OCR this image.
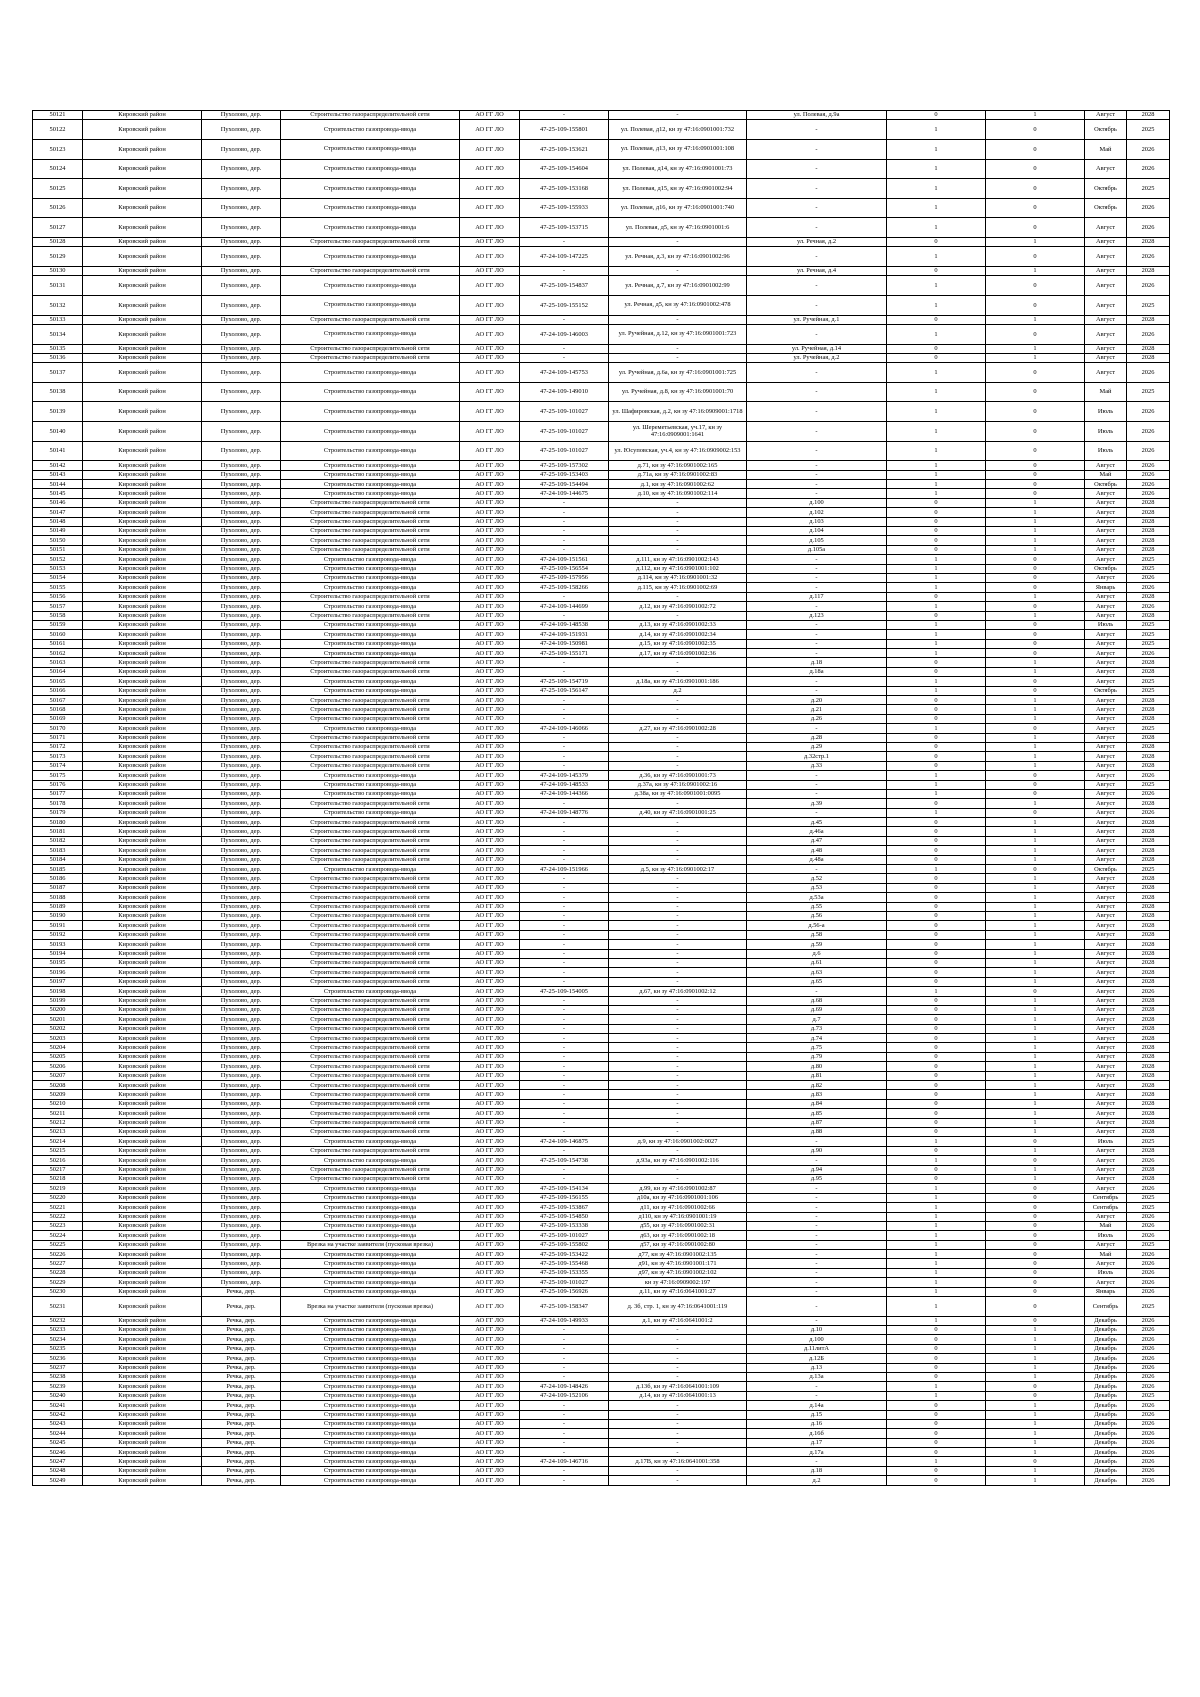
50121	Кировский район	Пухолово, дер.	Строительство газораспределительной сети	АО ГГ ЛО	-	-	ул. Полевая, д.9а	0	1	Август	2028
50122	Кировский район	Пухолово, дер.	Строительство газопровода-ввода	АО ГГ ЛО	47-25-109-155801	ул. Полевая, д12, кн зу 47:16:0901001:732	-	1	0	Октябрь	2025
50123	Кировский район	Пухолово, дер.	Строительство газопровода-ввода	АО ГГ ЛО	47-25-109-153621	ул. Полевая, д13, кн зу 47:16:0901001:108	-	1	0	Май	2026
50124	Кировский район	Пухолово, дер.	Строительство газопровода-ввода	АО ГГ ЛО	47-25-109-154604	ул. Полевая, д14, кн зу 47:16:0901001:73	-	1	0	Август	2026
50125	Кировский район	Пухолово, дер.	Строительство газопровода-ввода	АО ГГ ЛО	47-25-109-153168	ул. Полевая, д15, кн зу 47:16:0901002:94	-	1	0	Октябрь	2025
50126	Кировский район	Пухолово, дер.	Строительство газопровода-ввода	АО ГГ ЛО	47-25-109-155933	ул. Полевая, д16, кн зу 47:16:0901001:740	-	1	0	Октябрь	2026
50127	Кировский район	Пухолово, дер.	Строительство газопровода-ввода	АО ГГ ЛО	47-25-109-153715	ул. Полевая, д5, кн зу 47:16:0901001:6	-	1	0	Август	2026
50128	Кировский район	Пухолово, дер.	Строительство газораспределительной сети	АО ГГ ЛО	-	-	ул. Речная, д.2	0	1	Август	2028
50129	Кировский район	Пухолово, дер.	Строительство газопровода-ввода	АО ГГ ЛО	47-24-109-147225	ул. Речная, д.3, кн зу 47:16:0901002:96	-	1	0	Август	2026
50130	Кировский район	Пухолово, дер.	Строительство газораспределительной сети	АО ГГ ЛО	-	-	ул. Речная, д.4	0	1	Август	2028
50131	Кировский район	Пухолово, дер.	Строительство газопровода-ввода	АО ГГ ЛО	47-25-109-154837	ул. Речная, д.7, кн зу 47:16:0901002:99	-	1	0	Август	2026
50132	Кировский район	Пухолово, дер.	Строительство газопровода-ввода	АО ГГ ЛО	47-25-109-155152	ул. Речная, д5, кн зу 47:16:0901002:478	-	1	0	Август	2025
50133	Кировский район	Пухолово, дер.	Строительство газораспределительной сети	АО ГГ ЛО	-	-	ул. Ручейная, д.1	0	1	Август	2028
50134	Кировский район	Пухолово, дер.	Строительство газопровода-ввода	АО ГГ ЛО	47-24-109-146003	ул. Ручейная, д.12, кн зу 47:16:0901001:723	-	1	0	Август	2026
50135	Кировский район	Пухолово, дер.	Строительство газораспределительной сети	АО ГГ ЛО	-	-	ул. Ручейная, д.14	0	1	Август	2028
50136	Кировский район	Пухолово, дер.	Строительство газораспределительной сети	АО ГГ ЛО	-	-	ул. Ручейная, д.2	0	1	Август	2028
50137	Кировский район	Пухолово, дер.	Строительство газопровода-ввода	АО ГГ ЛО	47-24-109-145753	ул. Ручейная, д.6а, кн зу 47:16:0901001:725	-	1	0	Август	2026
50138	Кировский район	Пухолово, дер.	Строительство газопровода-ввода	АО ГГ ЛО	47-24-109-149010	ул. Ручейная, д.8, кн зу 47:16:0901001:70	-	1	0	Май	2025
50139	Кировский район	Пухолово, дер.	Строительство газопровода-ввода	АО ГГ ЛО	47-25-109-101027	ул. Шафировская, д.2, кн зу 47:16:0909001:1718	-	1	0	Июль	2026
50140	Кировский район	Пухолово, дер.	Строительство газопровода-ввода	АО ГГ ЛО	47-25-109-101027	ул. Шереметьевская, уч.17, кн зу 47:16:0909001:1641	-	1	0	Июль	2026
50141	Кировский район	Пухолово, дер.	Строительство газопровода-ввода	АО ГГ ЛО	47-25-109-101027	ул. Юсуповская, уч.4, кн зу 47:16:0909002:153	-	1	0	Июль	2026
50142	Кировский район	Пухолово, дер.	Строительство газопровода-ввода	АО ГГ ЛО	47-25-109-157302	д.71, кн зу 47:16:0901002:165	-	1	0	Август	2026
50143	Кировский район	Пухолово, дер.	Строительство газопровода-ввода	АО ГГ ЛО	47-25-109-153403	д.71а, кн зу 47:16:0901002:83	-	1	0	Май	2026
50144	Кировский район	Пухолово, дер.	Строительство газопровода-ввода	АО ГГ ЛО	47-25-109-154494	д.1, кн зу 47:16:0901002:62	-	1	0	Октябрь	2026
50145	Кировский район	Пухолово, дер.	Строительство газопровода-ввода	АО ГГ ЛО	47-24-109-144675	д.10, кн зу 47:16:0901002:114	-	1	0	Август	2026
50146	Кировский район	Пухолово, дер.	Строительство газораспределительной сети	АО ГГ ЛО	-	-	д.100	0	1	Август	2028
50147	Кировский район	Пухолово, дер.	Строительство газораспределительной сети	АО ГГ ЛО	-	-	д.102	0	1	Август	2028
50148	Кировский район	Пухолово, дер.	Строительство газораспределительной сети	АО ГГ ЛО	-	-	д.103	0	1	Август	2028
50149	Кировский район	Пухолово, дер.	Строительство газораспределительной сети	АО ГГ ЛО	-	-	д.104	0	1	Август	2028
50150	Кировский район	Пухолово, дер.	Строительство газораспределительной сети	АО ГГ ЛО	-	-	д.105	0	1	Август	2028
50151	Кировский район	Пухолово, дер.	Строительство газораспределительной сети	АО ГГ ЛО	-	-	д.105а	0	1	Август	2028
50152	Кировский район	Пухолово, дер.	Строительство газопровода-ввода	АО ГГ ЛО	47-24-109-151561	д.111, кн зу 47:16:0901002:143	-	1	0	Август	2025
50153	Кировский район	Пухолово, дер.	Строительство газопровода-ввода	АО ГГ ЛО	47-25-109-156554	д.112, кн зу 47:16:0901001:102	-	1	0	Октябрь	2025
50154	Кировский район	Пухолово, дер.	Строительство газопровода-ввода	АО ГГ ЛО	47-25-109-157956	д.114, кн зу 47:16:0901001:32	-	1	0	Август	2026
50155	Кировский район	Пухолово, дер.	Строительство газопровода-ввода	АО ГГ ЛО	47-25-109-158266	д.115, кн зу 47:16:0901002:69	-	1	0	Январь	2026
50156	Кировский район	Пухолово, дер.	Строительство газораспределительной сети	АО ГГ ЛО	-	-	д.117	0	1	Август	2028
50157	Кировский район	Пухолово, дер.	Строительство газопровода-ввода	АО ГГ ЛО	47-24-109-144699	д.12, кн зу 47:16:0901002:72	-	1	0	Август	2026
50158	Кировский район	Пухолово, дер.	Строительство газораспределительной сети	АО ГГ ЛО	-	-	д.123	0	1	Август	2028
50159	Кировский район	Пухолово, дер.	Строительство газопровода-ввода	АО ГГ ЛО	47-24-109-148538	д.13, кн зу 47:16:0901002:33	-	1	0	Июль	2025
50160	Кировский район	Пухолово, дер.	Строительство газопровода-ввода	АО ГГ ЛО	47-24-109-151931	д.14, кн зу 47:16:0901002:34	-	1	0	Август	2025
50161	Кировский район	Пухолово, дер.	Строительство газопровода-ввода	АО ГГ ЛО	47-24-109-150981	д.15, кн зу 47:16:0901002:35	-	1	0	Август	2025
50162	Кировский район	Пухолово, дер.	Строительство газопровода-ввода	АО ГГ ЛО	47-25-109-155171	д.17, кн зу 47:16:0901002:36	-	1	0	Август	2026
50163	Кировский район	Пухолово, дер.	Строительство газораспределительной сети	АО ГГ ЛО	-	-	д.18	0	1	Август	2028
50164	Кировский район	Пухолово, дер.	Строительство газораспределительной сети	АО ГГ ЛО	-	-	д.18а	0	1	Август	2028
50165	Кировский район	Пухолово, дер.	Строительство газопровода-ввода	АО ГГ ЛО	47-25-109-154719	д.18а, кн зу 47:16:0901001:186	-	1	0	Август	2025
50166	Кировский район	Пухолово, дер.	Строительство газопровода-ввода	АО ГГ ЛО	47-25-109-156147	д.2	-	1	0	Октябрь	2025
50167	Кировский район	Пухолово, дер.	Строительство газораспределительной сети	АО ГГ ЛО	-	-	д.20	0	1	Август	2028
50168	Кировский район	Пухолово, дер.	Строительство газораспределительной сети	АО ГГ ЛО	-	-	д.21	0	1	Август	2028
50169	Кировский район	Пухолово, дер.	Строительство газораспределительной сети	АО ГГ ЛО	-	-	д.26	0	1	Август	2028
50170	Кировский район	Пухолово, дер.	Строительство газопровода-ввода	АО ГГ ЛО	47-24-109-146066	д.27, кн зу 47:16:0901002:28	-	1	0	Август	2025
50171	Кировский район	Пухолово, дер.	Строительство газораспределительной сети	АО ГГ ЛО	-	-	д.28	0	1	Август	2028
50172	Кировский район	Пухолово, дер.	Строительство газораспределительной сети	АО ГГ ЛО	-	-	д.29	0	1	Август	2028
50173	Кировский район	Пухолово, дер.	Строительство газораспределительной сети	АО ГГ ЛО	-	-	д.32стр.1	0	1	Август	2028
50174	Кировский район	Пухолово, дер.	Строительство газораспределительной сети	АО ГГ ЛО	-	-	д.33	0	1	Август	2028
50175	Кировский район	Пухолово, дер.	Строительство газопровода-ввода	АО ГГ ЛО	47-24-109-145379	д.36, кн зу 47:16:0901001:73	-	1	0	Август	2026
50176	Кировский район	Пухолово, дер.	Строительство газопровода-ввода	АО ГГ ЛО	47-24-109-148533	д.37а, кн зу 47:16:0901002:16	-	1	0	Август	2025
50177	Кировский район	Пухолово, дер.	Строительство газопровода-ввода	АО ГГ ЛО	47-24-109-144366	д.38а, кн зу 47:16:0901001:0095	-	1	0	Август	2026
50178	Кировский район	Пухолово, дер.	Строительство газораспределительной сети	АО ГГ ЛО	-	-	д.39	0	1	Август	2028
50179	Кировский район	Пухолово, дер.	Строительство газопровода-ввода	АО ГГ ЛО	47-24-109-148776	д.40, кн зу 47:16:0901001:25	-	1	0	Август	2026
50180	Кировский район	Пухолово, дер.	Строительство газораспределительной сети	АО ГГ ЛО	-	-	д.45	0	1	Август	2028
50181	Кировский район	Пухолово, дер.	Строительство газораспределительной сети	АО ГГ ЛО	-	-	д.46а	0	1	Август	2028
50182	Кировский район	Пухолово, дер.	Строительство газораспределительной сети	АО ГГ ЛО	-	-	д.47	0	1	Август	2028
50183	Кировский район	Пухолово, дер.	Строительство газораспределительной сети	АО ГГ ЛО	-	-	д.48	0	1	Август	2028
50184	Кировский район	Пухолово, дер.	Строительство газораспределительной сети	АО ГГ ЛО	-	-	д.48а	0	1	Август	2028
50185	Кировский район	Пухолово, дер.	Строительство газопровода-ввода	АО ГГ ЛО	47-24-109-151966	д.5, кн зу 47:16:0901002:17	-	1	0	Октябрь	2025
50186	Кировский район	Пухолово, дер.	Строительство газораспределительной сети	АО ГГ ЛО	-	-	д.52	0	1	Август	2028
50187	Кировский район	Пухолово, дер.	Строительство газораспределительной сети	АО ГГ ЛО	-	-	д.53	0	1	Август	2028
50188	Кировский район	Пухолово, дер.	Строительство газораспределительной сети	АО ГГ ЛО	-	-	д.53а	0	1	Август	2028
50189	Кировский район	Пухолово, дер.	Строительство газораспределительной сети	АО ГГ ЛО	-	-	д.55	0	1	Август	2028
50190	Кировский район	Пухолово, дер.	Строительство газораспределительной сети	АО ГГ ЛО	-	-	д.56	0	1	Август	2028
50191	Кировский район	Пухолово, дер.	Строительство газораспределительной сети	АО ГГ ЛО	-	-	д.56-а	0	1	Август	2028
50192	Кировский район	Пухолово, дер.	Строительство газораспределительной сети	АО ГГ ЛО	-	-	д.58	0	1	Август	2028
50193	Кировский район	Пухолово, дер.	Строительство газораспределительной сети	АО ГГ ЛО	-	-	д.59	0	1	Август	2028
50194	Кировский район	Пухолово, дер.	Строительство газораспределительной сети	АО ГГ ЛО	-	-	д.6	0	1	Август	2028
50195	Кировский район	Пухолово, дер.	Строительство газораспределительной сети	АО ГГ ЛО	-	-	д.61	0	1	Август	2028
50196	Кировский район	Пухолово, дер.	Строительство газораспределительной сети	АО ГГ ЛО	-	-	д.63	0	1	Август	2028
50197	Кировский район	Пухолово, дер.	Строительство газораспределительной сети	АО ГГ ЛО	-	-	д.65	0	1	Август	2028
50198	Кировский район	Пухолово, дер.	Строительство газопровода-ввода	АО ГГ ЛО	47-25-109-154005	д.67, кн зу 47:16:0901002:12	-	1	0	Август	2026
50199	Кировский район	Пухолово, дер.	Строительство газораспределительной сети	АО ГГ ЛО	-	-	д.68	0	1	Август	2028
50200	Кировский район	Пухолово, дер.	Строительство газораспределительной сети	АО ГГ ЛО	-	-	д.69	0	1	Август	2028
50201	Кировский район	Пухолово, дер.	Строительство газораспределительной сети	АО ГГ ЛО	-	-	д.7	0	1	Август	2028
50202	Кировский район	Пухолово, дер.	Строительство газораспределительной сети	АО ГГ ЛО	-	-	д.73	0	1	Август	2028
50203	Кировский район	Пухолово, дер.	Строительство газораспределительной сети	АО ГГ ЛО	-	-	д.74	0	1	Август	2028
50204	Кировский район	Пухолово, дер.	Строительство газораспределительной сети	АО ГГ ЛО	-	-	д.75	0	1	Август	2028
50205	Кировский район	Пухолово, дер.	Строительство газораспределительной сети	АО ГГ ЛО	-	-	д.79	0	1	Август	2028
50206	Кировский район	Пухолово, дер.	Строительство газораспределительной сети	АО ГГ ЛО	-	-	д.80	0	1	Август	2028
50207	Кировский район	Пухолово, дер.	Строительство газораспределительной сети	АО ГГ ЛО	-	-	д.81	0	1	Август	2028
50208	Кировский район	Пухолово, дер.	Строительство газораспределительной сети	АО ГГ ЛО	-	-	д.82	0	1	Август	2028
50209	Кировский район	Пухолово, дер.	Строительство газораспределительной сети	АО ГГ ЛО	-	-	д.83	0	1	Август	2028
50210	Кировский район	Пухолово, дер.	Строительство газораспределительной сети	АО ГГ ЛО	-	-	д.84	0	1	Август	2028
50211	Кировский район	Пухолово, дер.	Строительство газораспределительной сети	АО ГГ ЛО	-	-	д.85	0	1	Август	2028
50212	Кировский район	Пухолово, дер.	Строительство газораспределительной сети	АО ГГ ЛО	-	-	д.87	0	1	Август	2028
50213	Кировский район	Пухолово, дер.	Строительство газораспределительной сети	АО ГГ ЛО	-	-	д.88	0	1	Август	2028
50214	Кировский район	Пухолово, дер.	Строительство газопровода-ввода	АО ГГ ЛО	47-24-109-146875	д.9, кн зу 47:16:0901002:0027	-	1	0	Июль	2025
50215	Кировский район	Пухолово, дер.	Строительство газораспределительной сети	АО ГГ ЛО	-	-	д.90	0	1	Август	2028
50216	Кировский район	Пухолово, дер.	Строительство газопровода-ввода	АО ГГ ЛО	47-25-109-154738	д.93а, кн зу 47:16:0901002:116	-	1	0	Август	2026
50217	Кировский район	Пухолово, дер.	Строительство газораспределительной сети	АО ГГ ЛО	-	-	д.94	0	1	Август	2028
50218	Кировский район	Пухолово, дер.	Строительство газораспределительной сети	АО ГГ ЛО	-	-	д.95	0	1	Август	2028
50219	Кировский район	Пухолово, дер.	Строительство газопровода-ввода	АО ГГ ЛО	47-25-109-154134	д.99, кн зу 47:16:0901002:87	-	1	0	Август	2026
50220	Кировский район	Пухолово, дер.	Строительство газопровода-ввода	АО ГГ ЛО	47-25-109-156155	д10а, кн зу 47:16:0901001:106	-	1	0	Сентябрь	2025
50221	Кировский район	Пухолово, дер.	Строительство газопровода-ввода	АО ГГ ЛО	47-25-109-153867	д11, кн зу 47:16:0901002:66	-	1	0	Сентябрь	2025
50222	Кировский район	Пухолово, дер.	Строительство газопровода-ввода	АО ГГ ЛО	47-25-109-154850	д110, кн зу 47:16:0901001:19	-	1	0	Август	2026
50223	Кировский район	Пухолово, дер.	Строительство газопровода-ввода	АО ГГ ЛО	47-25-109-153338	д55, кн зу 47:16:0901002:31	-	1	0	Май	2026
50224	Кировский район	Пухолово, дер.	Строительство газопровода-ввода	АО ГГ ЛО	47-25-109-101027	д63, кн зу 47:16:0901002:18	-	1	0	Июль	2026
50225	Кировский район	Пухолово, дер.	Врезка на участке заявителя (пусковая врезка)	АО ГГ ЛО	47-25-109-155802	д57, кн зу 47:16:0901002:80	-	1	0	Август	2025
50226	Кировский район	Пухолово, дер.	Строительство газопровода-ввода	АО ГГ ЛО	47-25-109-153422	д77, кн зу 47:16:0901002:135	-	1	0	Май	2026
50227	Кировский район	Пухолово, дер.	Строительство газопровода-ввода	АО ГГ ЛО	47-25-109-155468	д91, кн зу 47:16:0901001:171	-	1	0	Август	2026
50228	Кировский район	Пухолово, дер.	Строительство газопровода-ввода	АО ГГ ЛО	47-25-109-153355	д97, кн зу 47:16:0901002:102	-	1	0	Июль	2026
50229	Кировский район	Пухолово, дер.	Строительство газопровода-ввода	АО ГГ ЛО	47-25-109-101027	кн зу 47:16:0909002:197	-	1	0	Август	2026
50230	Кировский район	Речка, дер.	Строительство газопровода-ввода	АО ГГ ЛО	47-25-109-156926	д.11, кн зу 47:16:0641001:27	-	1	0	Январь	2026
50231	Кировский район	Речка, дер.	Врезка на участке заявителя (пусковая врезка)	АО ГГ ЛО	47-25-109-158347	д. 3б, стр. 1, кн зу 47:16:0641001:119	-	1	0	Сентябрь	2025
50232	Кировский район	Речка, дер.	Строительство газопровода-ввода	АО ГГ ЛО	47-24-109-149933	д.1, кн зу 47:16:0641001:2	-	1	0	Декабрь	2026
50233	Кировский район	Речка, дер.	Строительство газопровода-ввода	АО ГГ ЛО	-	-	д.10	0	1	Декабрь	2026
50234	Кировский район	Речка, дер.	Строительство газопровода-ввода	АО ГГ ЛО	-	-	д.100	0	1	Декабрь	2026
50235	Кировский район	Речка, дер.	Строительство газопровода-ввода	АО ГГ ЛО	-	-	д.11литА	0	1	Декабрь	2026
50236	Кировский район	Речка, дер.	Строительство газопровода-ввода	АО ГГ ЛО	-	-	д.12Б	0	1	Декабрь	2026
50237	Кировский район	Речка, дер.	Строительство газопровода-ввода	АО ГГ ЛО	-	-	д.13	0	1	Декабрь	2026
50238	Кировский район	Речка, дер.	Строительство газопровода-ввода	АО ГГ ЛО	-	-	д.13а	0	1	Декабрь	2026
50239	Кировский район	Речка, дер.	Строительство газопровода-ввода	АО ГГ ЛО	47-24-109-148426	д.13б, кн зу 47:16:0641001:109	-	1	0	Декабрь	2026
50240	Кировский район	Речка, дер.	Строительство газопровода-ввода	АО ГГ ЛО	47-24-109-152106	д.14, кн зу 47:16:0641001:13	-	1	0	Декабрь	2025
50241	Кировский район	Речка, дер.	Строительство газопровода-ввода	АО ГГ ЛО	-	-	д.14а	0	1	Декабрь	2026
50242	Кировский район	Речка, дер.	Строительство газопровода-ввода	АО ГГ ЛО	-	-	д.15	0	1	Декабрь	2026
50243	Кировский район	Речка, дер.	Строительство газопровода-ввода	АО ГГ ЛО	-	-	д.16	0	1	Декабрь	2026
50244	Кировский район	Речка, дер.	Строительство газопровода-ввода	АО ГГ ЛО	-	-	д.16б	0	1	Декабрь	2026
50245	Кировский район	Речка, дер.	Строительство газопровода-ввода	АО ГГ ЛО	-	-	д.17	0	1	Декабрь	2026
50246	Кировский район	Речка, дер.	Строительство газопровода-ввода	АО ГГ ЛО	-	-	д.17а	0	1	Декабрь	2026
50247	Кировский район	Речка, дер.	Строительство газопровода-ввода	АО ГГ ЛО	47-24-109-146716	д.17В, кн зу 47:16:0641001:358	-	1	0	Декабрь	2026
50248	Кировский район	Речка, дер.	Строительство газопровода-ввода	АО ГГ ЛО	-	-	д.18	0	1	Декабрь	2026
50249	Кировский район	Речка, дер.	Строительство газопровода-ввода	АО ГГ ЛО	-	-	д.2	0	1	Декабрь	2026
